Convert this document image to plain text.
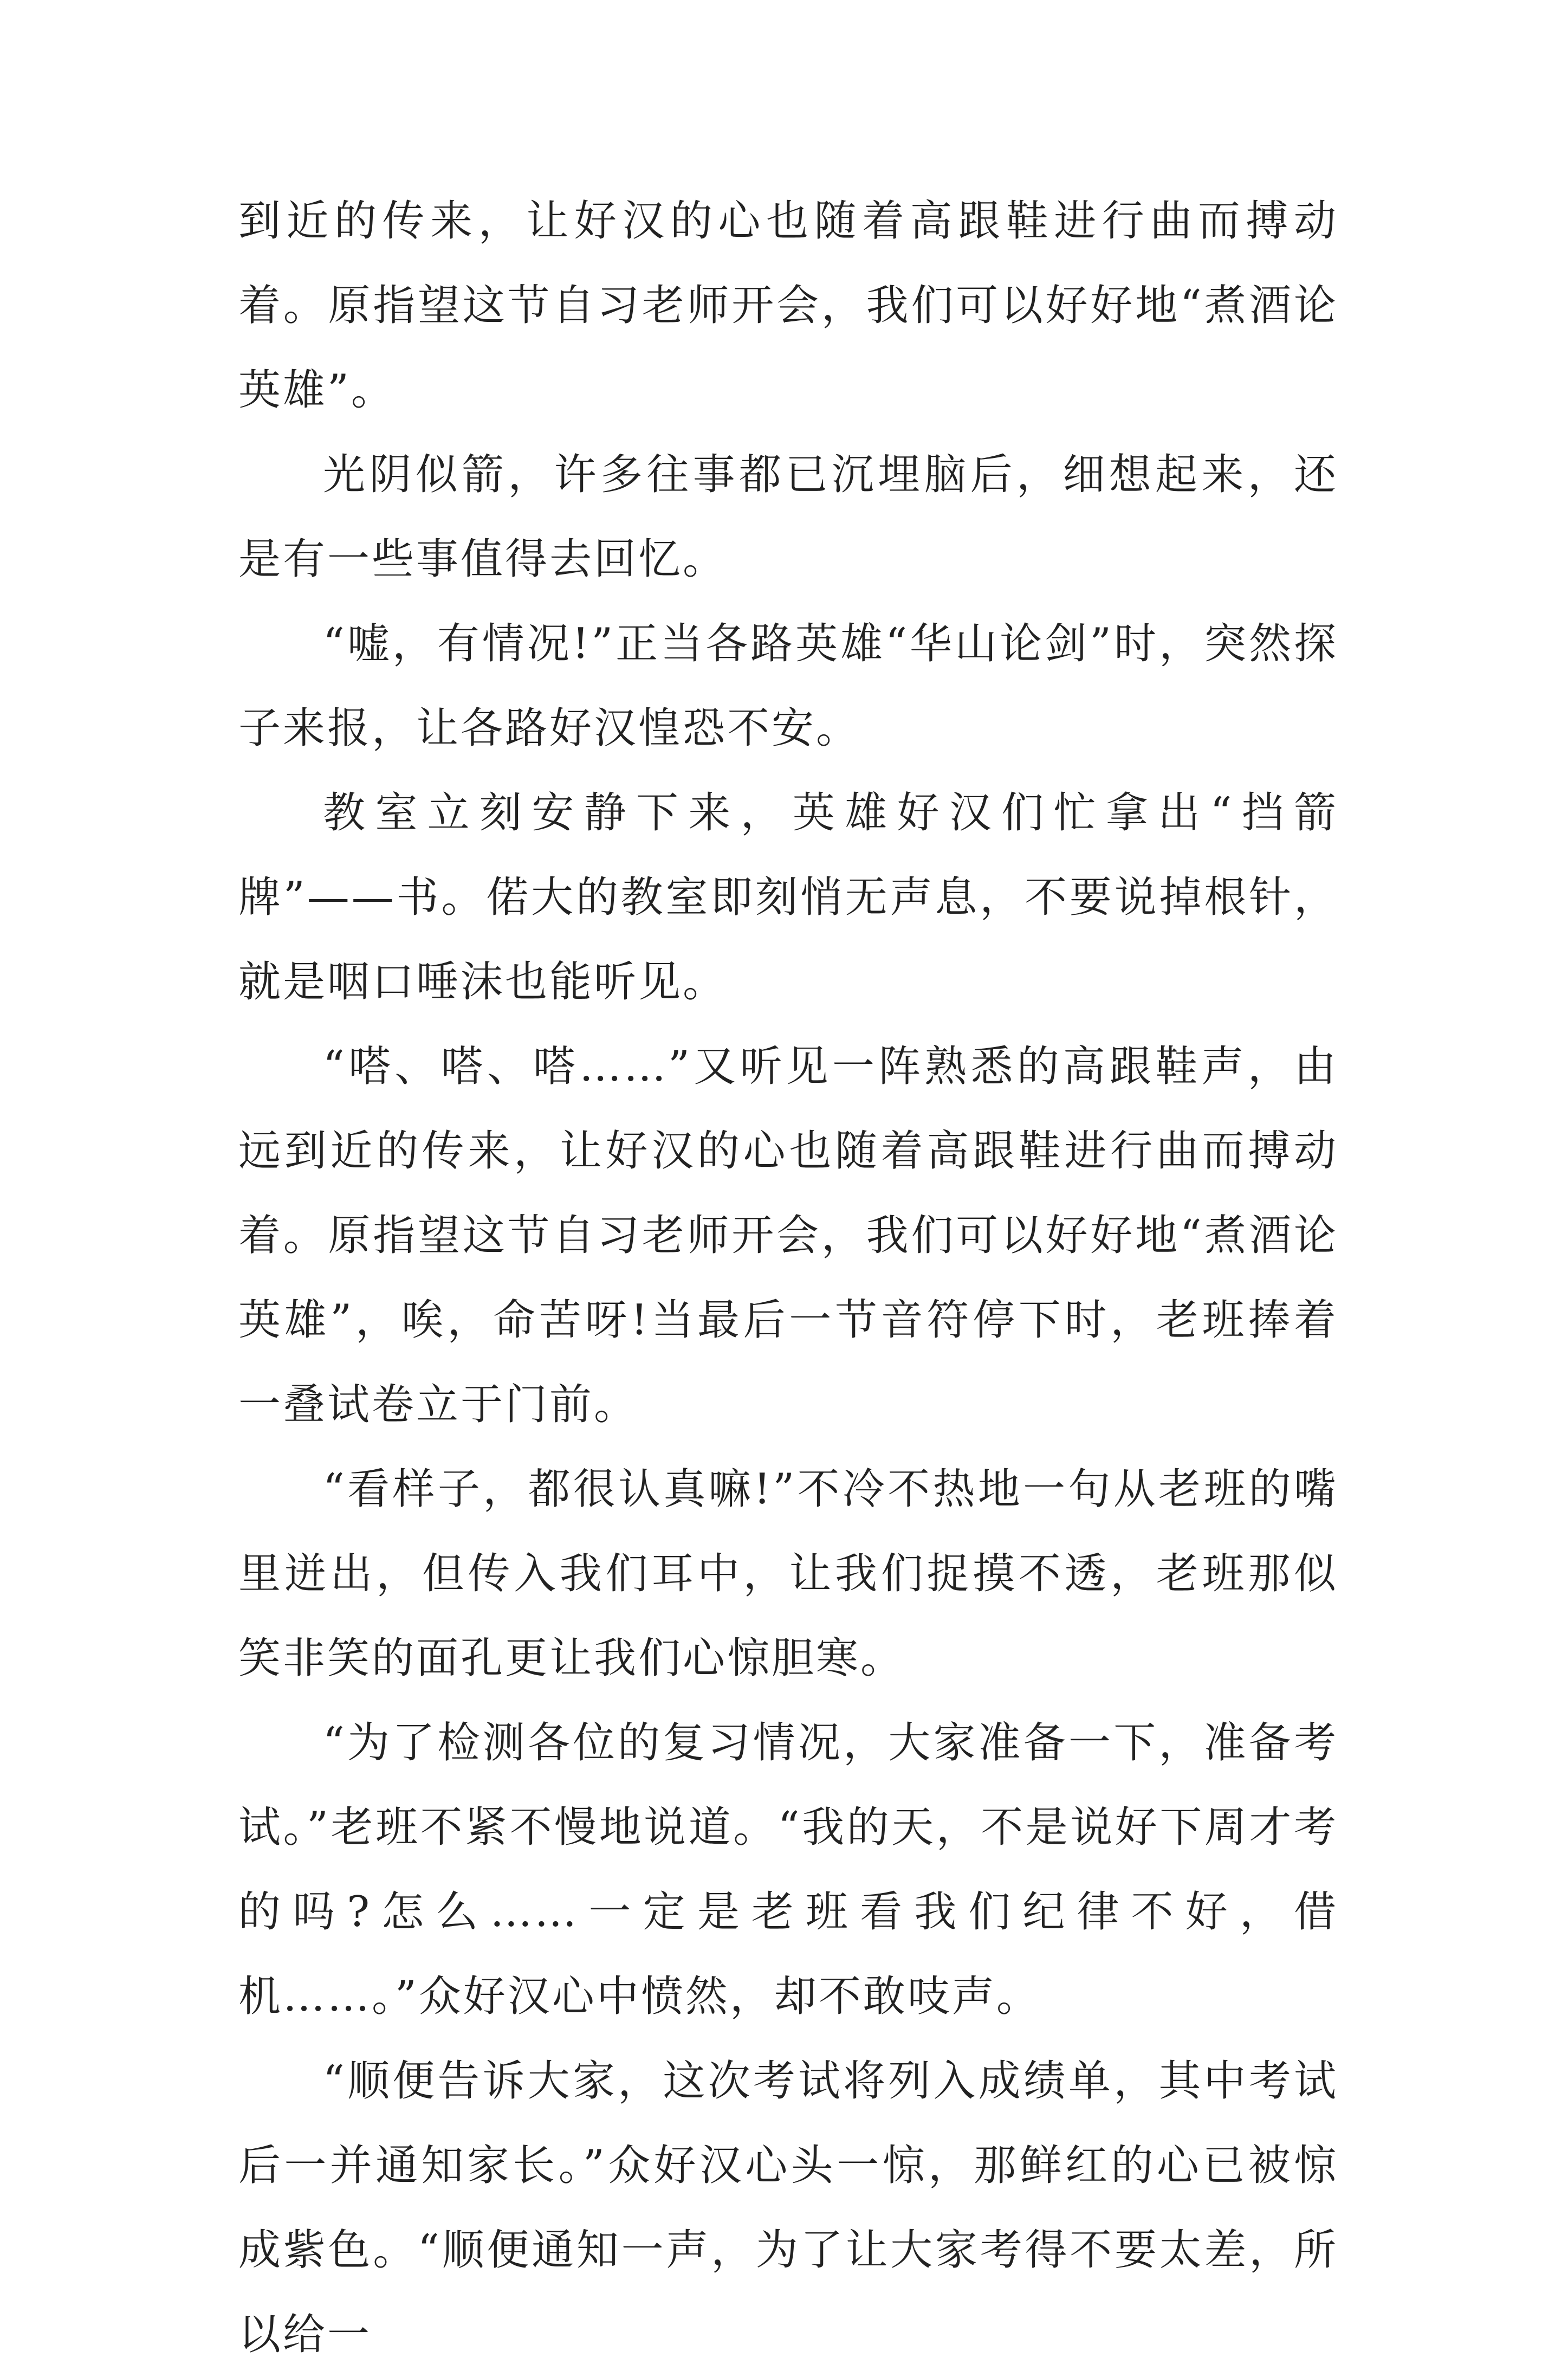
到近的传来，让好汉的心也随着高跟鞋进行曲而搏动着。原指望这节自习老师开会，我们可以好好地“煮酒论英雄”。

光阴似箭，许多往事都已沉埋脑后，细想起来，还是有一些事值得去回忆。

“嘘，有情况!”正当各路英雄“华山论剑”时，突然探子来报，让各路好汉惶恐不安。

教室立刻安静下来，英雄好汉们忙拿出“挡箭牌”——书。偌大的教室即刻悄无声息，不要说掉根针，就是咽口唾沫也能听见。

“嗒、嗒、嗒……”又听见一阵熟悉的高跟鞋声，由远到近的传来，让好汉的心也随着高跟鞋进行曲而搏动着。原指望这节自习老师开会，我们可以好好地“煮酒论英雄”，唉，命苦呀!当最后一节音符停下时，老班捧着一叠试卷立于门前。

“看样子，都很认真嘛!”不冷不热地一句从老班的嘴里迸出，但传入我们耳中，让我们捉摸不透，老班那似笑非笑的面孔更让我们心惊胆寒。

“为了检测各位的复习情况，大家准备一下，准备考试。”老班不紧不慢地说道。“我的天，不是说好下周才考的吗?怎么……一定是老班看我们纪律不好，借机……。”众好汉心中愤然，却不敢吱声。

“顺便告诉大家，这次考试将列入成绩单，其中考试后一并通知家长。”众好汉心头一惊，那鲜红的心已被惊成紫色。“顺便通知一声，为了让大家考得不要太差，所以给一
